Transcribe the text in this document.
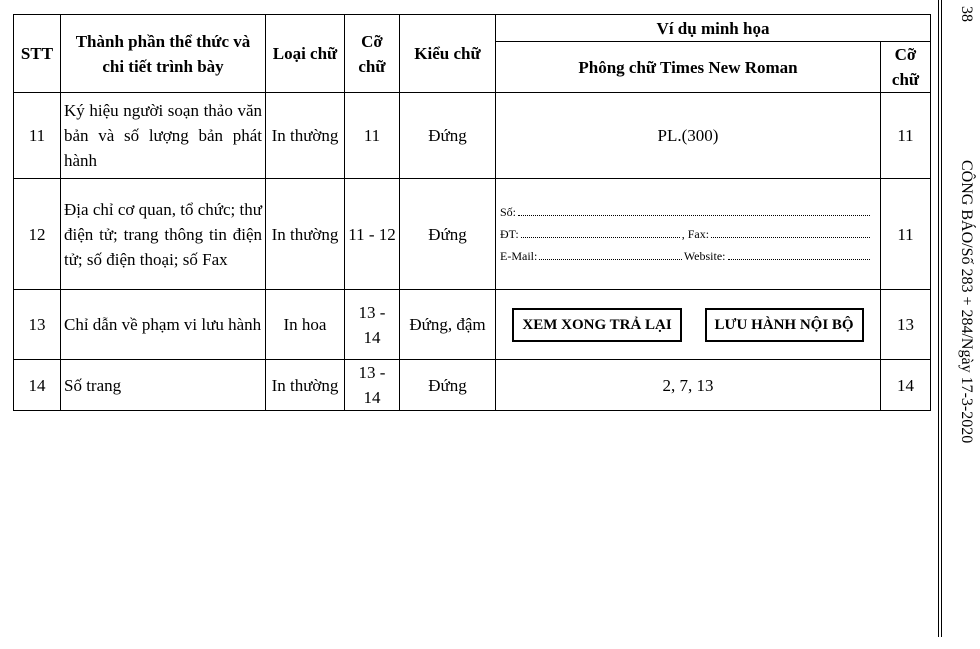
STT	Thành phần thể thức và chi tiết trình bày	Loại chữ	Cỡ chữ	Kiểu chữ	Ví dụ minh họa	
					Phông chữ Times New Roman	Cỡ chữ
11	Ký hiệu người soạn thảo văn bản và số lượng bản phát hành	In thường	11	Đứng	PL.(300)	11
12	Địa chỉ cơ quan, tổ chức; thư điện tử; trang thông tin điện tử; số điện thoại; số Fax	In thường	11 - 12	Đứng	Số:
ĐT: , Fax:
E-Mail: Website:	11
13	Chỉ dẫn về phạm vi lưu hành	In hoa	13 - 14	Đứng, đậm	XEM XONG TRẢ LẠI LƯU HÀNH NỘI BỘ	13
14	Số trang	In thường	13 - 14	Đứng	2, 7, 13	14
38
CÔNG BÁO/Số 283 + 284/Ngày 17-3-2020
